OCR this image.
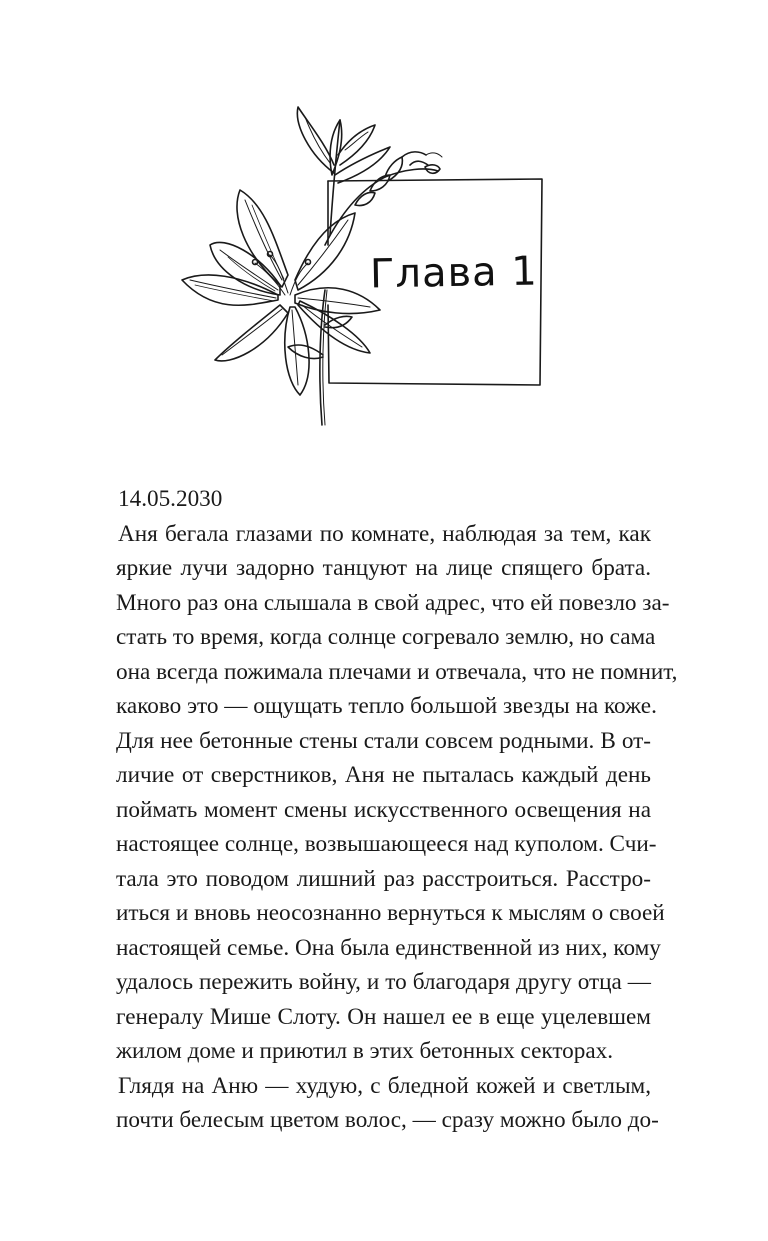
Глава 1

14.05.2030

Аня бегала глазами по комнате, наблюдая за тем, как
яркие лучи задорно танцуют на лице спящего брата.
Много раз она слышала в свой адрес, что ей повезло за-
стать то время, когда солнце согревало землю, но сама
она всегда пожимала плечами и отвечала, что не помнит,
каково это — ощущать тепло большой звезды на коже.
Для нее бетонные стены стали совсем родными. В от-
личие от сверстников, Аня не пыталась каждый день
поймать момент смены искусственного освещения на
настоящее солнце, возвышающееся над куполом. Счи-
тала это поводом лишний раз расстроиться. Расстро-
иться и вновь неосознанно вернуться к мыслям о своей
настоящей семье. Она была единственной из них, кому
удалось пережить войну, и то благодаря другу отца —
генералу Мише Слоту. Он нашел ее в еще уцелевшем
жилом доме и приютил в этих бетонных секторах.
Глядя на Аню — худую, с бледной кожей и светлым,
почти белесым цветом волос, — сразу можно было до-
